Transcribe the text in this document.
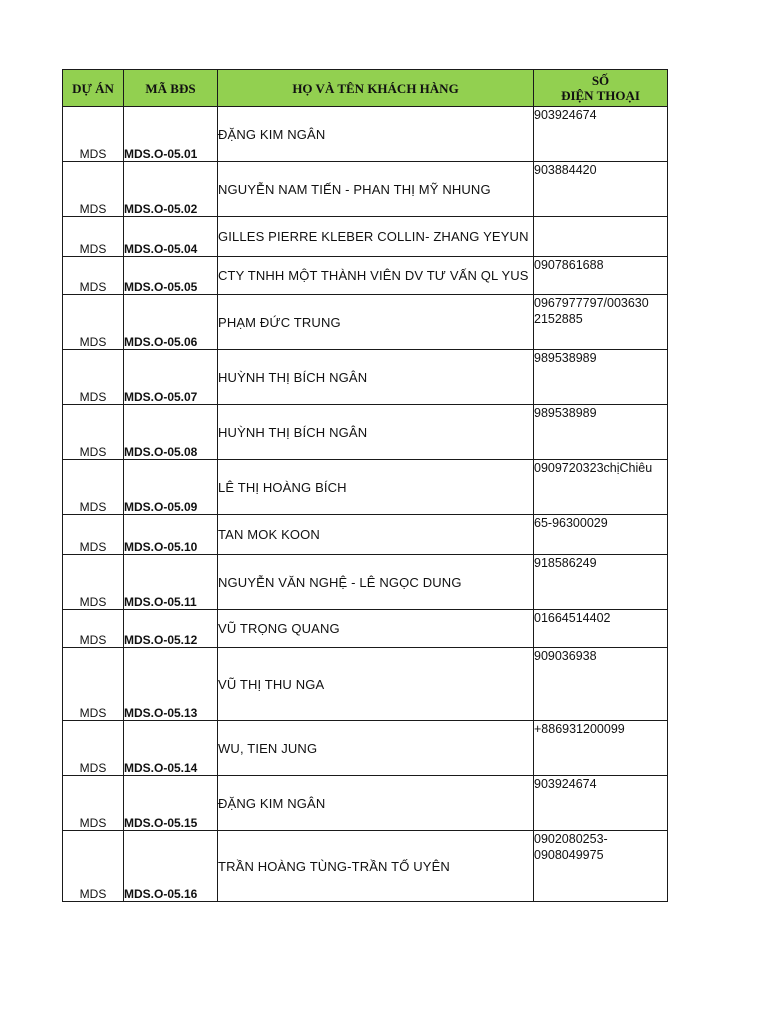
DỰ ÁN	MÃ BĐS	HỌ VÀ TÊN KHÁCH HÀNG	SỐ
ĐIỆN THOẠI

MDS	MDS.O-05.01	ĐẶNG KIM NGÂN	903924674

MDS	MDS.O-05.02	NGUYỄN NAM TIẾN - PHAN THỊ MỸ NHUNG	903884420

MDS	MDS.O-05.04	GILLES PIERRE KLEBER COLLIN- ZHANG YEYUN	
MDS	MDS.O-05.05	CTY TNHH MỘT THÀNH VIÊN DV TƯ VẤN QL YUS	0907861688

MDS	MDS.O-05.06	PHẠM ĐỨC TRUNG	0967977797/003630
2152885

MDS	MDS.O-05.07	HUỲNH THỊ BÍCH NGÂN	989538989

MDS	MDS.O-05.08	HUỲNH THỊ BÍCH NGÂN	989538989

MDS	MDS.O-05.09	LÊ THỊ HOÀNG BÍCH	0909720323chịChiêu

MDS	MDS.O-05.10	TAN MOK KOON	65-96300029

MDS	MDS.O-05.11	NGUYỄN VĂN NGHỆ - LÊ NGỌC DUNG	918586249

MDS	MDS.O-05.12	VŨ TRỌNG QUANG	01664514402

MDS	MDS.O-05.13	VŨ THỊ THU NGA	909036938

MDS	MDS.O-05.14	WU, TIEN JUNG	+886931200099

MDS	MDS.O-05.15	ĐẶNG KIM NGÂN	903924674

MDS	MDS.O-05.16	TRẦN HOÀNG TÙNG-TRẦN TỐ UYÊN	0902080253-
0908049975
